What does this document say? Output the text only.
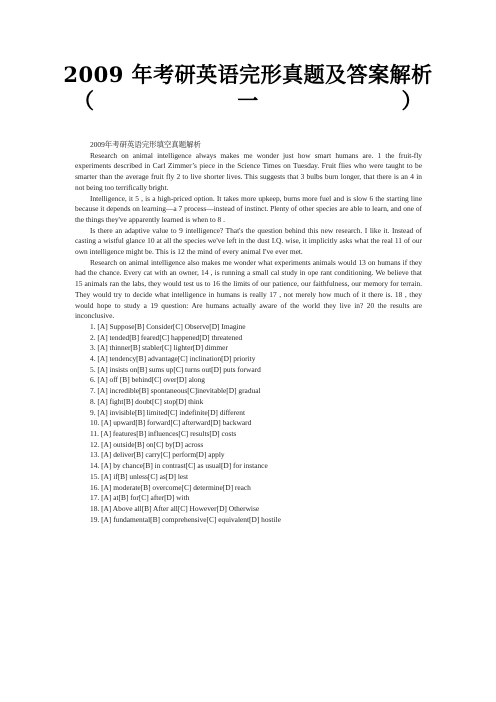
2009 年考研英语完形真题及答案解析
（	一	）

2009年考研英语完形填空真题解析

Research on animal intelligence always makes me wonder just how smart humans are. 1 the fruit-fly experiments described in Carl Zimmer’s piece in the Science Times on Tuesday. Fruit flies who were taught to be smarter than the average fruit fly 2 to live shorter lives. This suggests that 3 bulbs burn longer, that there is an 4 in not being too terrifically bright.

Intelligence, it 5 , is a high-priced option. It takes more upkeep, burns more fuel and is slow 6 the starting line because it depends on learning—a 7 process—instead of instinct. Plenty of other species are able to learn, and one of the things they've apparently learned is when to 8 .

Is there an adaptive value to 9 intelligence? That's the question behind this new research. I like it. Instead of casting a wistful glance 10 at all the species we've left in the dust I.Q. wise, it implicitly asks what the real 11 of our own intelligence might be. This is 12 the mind of every animal I've ever met.

Research on animal intelligence also makes me wonder what experiments animals would 13 on humans if they had the chance. Every cat with an owner, 14 , is running a small cal study in ope rant conditioning. We believe that 15 animals ran the labs, they would test us to 16 the limits of our patience, our faithfulness, our memory for terrain. They would try to decide what intelligence in humans is really 17 , not merely how much of it there is. 18 , they would hope to study a 19 question: Are humans actually aware of the world they live in? 20 the results are inconclusive.

1. [A] Suppose[B] Consider[C] Observe[D] Imagine

2. [A] tended[B] feared[C] happened[D] threatened

3. [A] thinner[B] stabler[C] lighter[D] dimmer

4. [A] tendency[B] advantage[C] inclination[D] priority

5. [A] insists on[B] sums up[C] turns out[D] puts forward

6. [A] off [B] behind[C] over[D] along

7. [A] incredible[B] spontaneous[C]inevitable[D] gradual

8. [A] fight[B] doubt[C] stop[D] think

9. [A] invisible[B] limited[C] indefinite[D] different

10. [A] upward[B] forward[C] afterward[D] backward

11. [A] features[B] influences[C] results[D] costs

12. [A] outside[B] on[C] by[D] across

13. [A] deliver[B] carry[C] perform[D] apply

14. [A] by chance[B] in contrast[C] as usual[D] for instance

15. [A] if[B] unless[C] as[D] lest

16. [A] moderate[B] overcome[C] determine[D] reach

17. [A] at[B] for[C] after[D] with

18. [A] Above all[B] After all[C] However[D] Otherwise

19. [A] fundamental[B] comprehensive[C] equivalent[D] hostile
